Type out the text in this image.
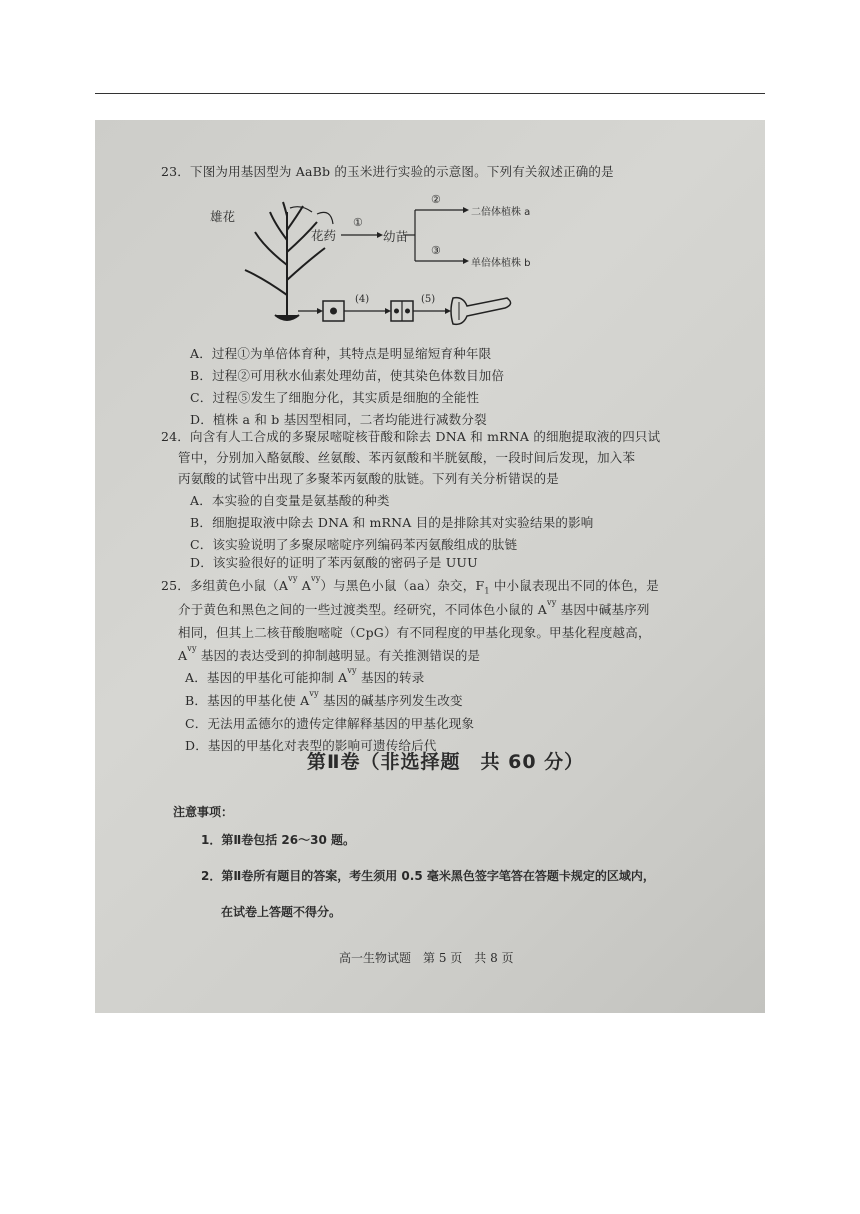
23．下图为用基因型为 AaBb 的玉米进行实验的示意图。下列有关叙述正确的是
雄花
花药
①
幼苗
②
③
二倍体植株 a
单倍体植株 b
(4)	(5)
A．过程①为单倍体育种，其特点是明显缩短育种年限
B．过程②可用秋水仙素处理幼苗，使其染色体数目加倍
C．过程⑤发生了细胞分化，其实质是细胞的全能性
D．植株 a 和 b 基因型相同，二者均能进行减数分裂
24．向含有人工合成的多聚尿嘧啶核苷酸和除去 DNA 和 mRNA 的细胞提取液的四只试
管中，分别加入酪氨酸、丝氨酸、苯丙氨酸和半胱氨酸，一段时间后发现，加入苯
丙氨酸的试管中出现了多聚苯丙氨酸的肽链。下列有关分析错误的是
A．本实验的自变量是氨基酸的种类
B．细胞提取液中除去 DNA 和 mRNA 目的是排除其对实验结果的影响
C．该实验说明了多聚尿嘧啶序列编码苯丙氨酸组成的肽链
D．该实验很好的证明了苯丙氨酸的密码子是 UUU
25．多组黄色小鼠（$A^{vy}$ $A^{vy}$）与黑色小鼠（aa）杂交，$F_1$ 中小鼠表现出不同的体色，是
介于黄色和黑色之间的一些过渡类型。经研究，不同体色小鼠的 $A^{vy}$ 基因中碱基序列
相同，但其上二核苷酸胞嘧啶（CpG）有不同程度的甲基化现象。甲基化程度越高，
$A^{vy}$ 基因的表达受到的抑制越明显。有关推测错误的是
A．基因的甲基化可能抑制 $A^{vy}$ 基因的转录
B．基因的甲基化使 $A^{vy}$ 基因的碱基序列发生改变
C．无法用孟德尔的遗传定律解释基因的甲基化现象
D．基因的甲基化对表型的影响可遗传给后代
第Ⅱ卷（非选择题　共 60 分）
注意事项：
1．第Ⅱ卷包括 26～30 题。
2．第Ⅱ卷所有题目的答案，考生须用 0.5 毫米黑色签字笔答在答题卡规定的区域内，
在试卷上答题不得分。
高一生物试题　第 5 页　共 8 页
